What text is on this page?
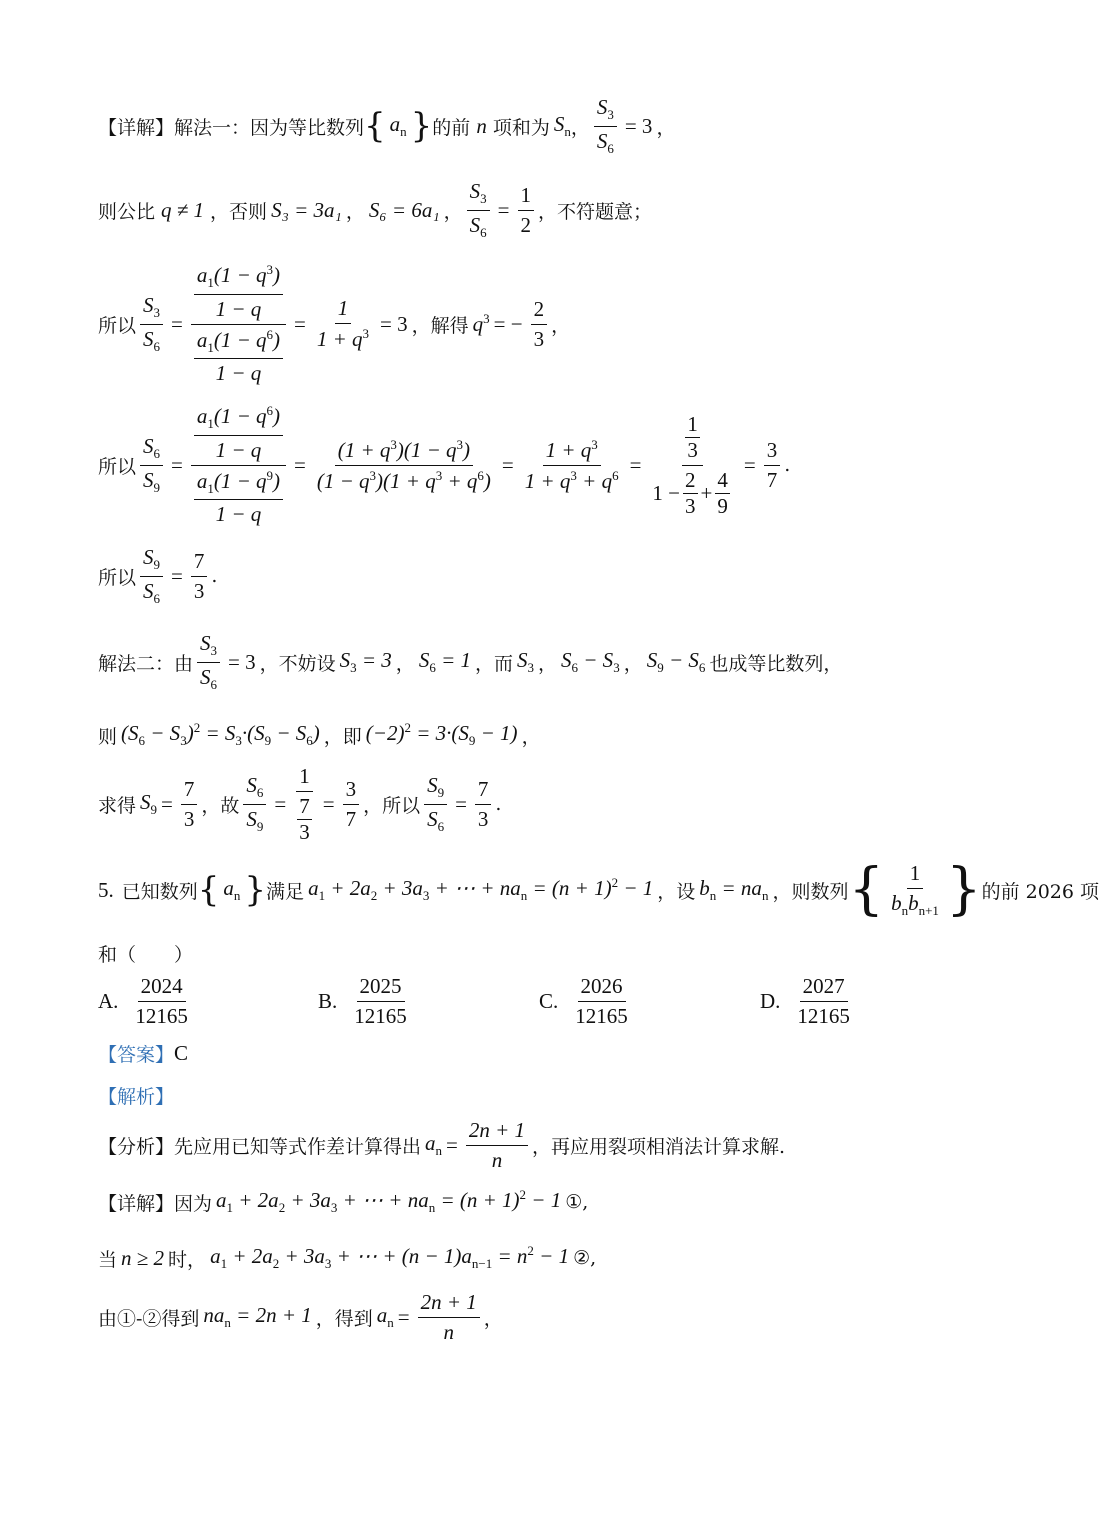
【详解】解法一：因为等比数列 { $a_n$ } 的前 n 项和为 $S_n$ ， $\frac{S_3}{S_6} = 3$ ，
则公比 q ≠ 1 ，否则 S₃ = 3a₁ ， S₆ = 6a₁ ， $\frac{S_3}{S_6} = \frac{1}{2}$ ，不符题意；
所以 $\frac{S_3}{S_6} = a_1(1 - q^3)$
1 − q
$a_1(1 - q^6)$
$1 - q = \frac{1}{1 + q^3} = 3$ ，解得 $q^3$ = − $\frac{2}{3}$ ，
所以 $\frac{S_6}{S_9} = a_1(1 - q^6)$
1 − q
$a_1(1 - q^9)$
$1 - q = \frac{(1 + q^3)(1 - q^3)}{(1 - q^3)(1 + q^3 + q^6)} = \frac{1 + q^3}{1 + q^3 + q^6} = 1$
3
1 −
2
3
+
4
$9 = \frac{3}{7}$ .
所以 $\frac{S_9}{S_6} = \frac{7}{3}$ .
解法二：由 $\frac{S_3}{S_6} = 3$ ，不妨设 $S_3 = 3$ ， $S_6 = 1$ ，而 $S_3$ ， $S_6 - S_3$ ， $S_9 - S_6$ 也成等比数列，
则 $(S_6 - S_3)^2 = S_3\cdot(S_9 - S_6)$ ，即 $(-2)^2 = 3\cdot(S_9 - 1)$ ，
求得 $S_9 = \frac{7}{3}$ ，故 $\frac{S_6}{S_9} = 1$
7
$3 = \frac{3}{7}$ ，所以 $\frac{S_9}{S_6} = \frac{7}{3}$ .
5. 已知数列 { $a_n$ } 满足 $a_1 + 2a_2 + 3a_3$ + ⋯ + $na_n = (n + 1)^2 - 1$ ，设 $b_n = na_n$ ，则数列 { $\frac{1}{b_nb_{n+1}}$ } 的前 2026 项
和（　　）
A. $\frac{2024}{12165}$	B. $\frac{2025}{12165}$	C. $\frac{2026}{12165}$	D. $\frac{2027}{12165}$
【答案】 C
【解析】
【分析】先应用已知等式作差计算得出 $a_n = \frac{2n + 1}{n}$ ，再应用裂项相消法计算求解.
【详解】因为 $a_1 + 2a_2 + 3a_3$ + ⋯ + $na_n = (n + 1)^2 - 1$ ①,
当 n ≥ 2 时， $a_1 + 2a_2 + 3a_3$ + ⋯ + $(n - 1)a_{n-1} = n^2 - 1$ ②,
由①-②得到 $na_n = 2n + 1$ ，得到 $a_n = \frac{2n + 1}{n}$ ，
